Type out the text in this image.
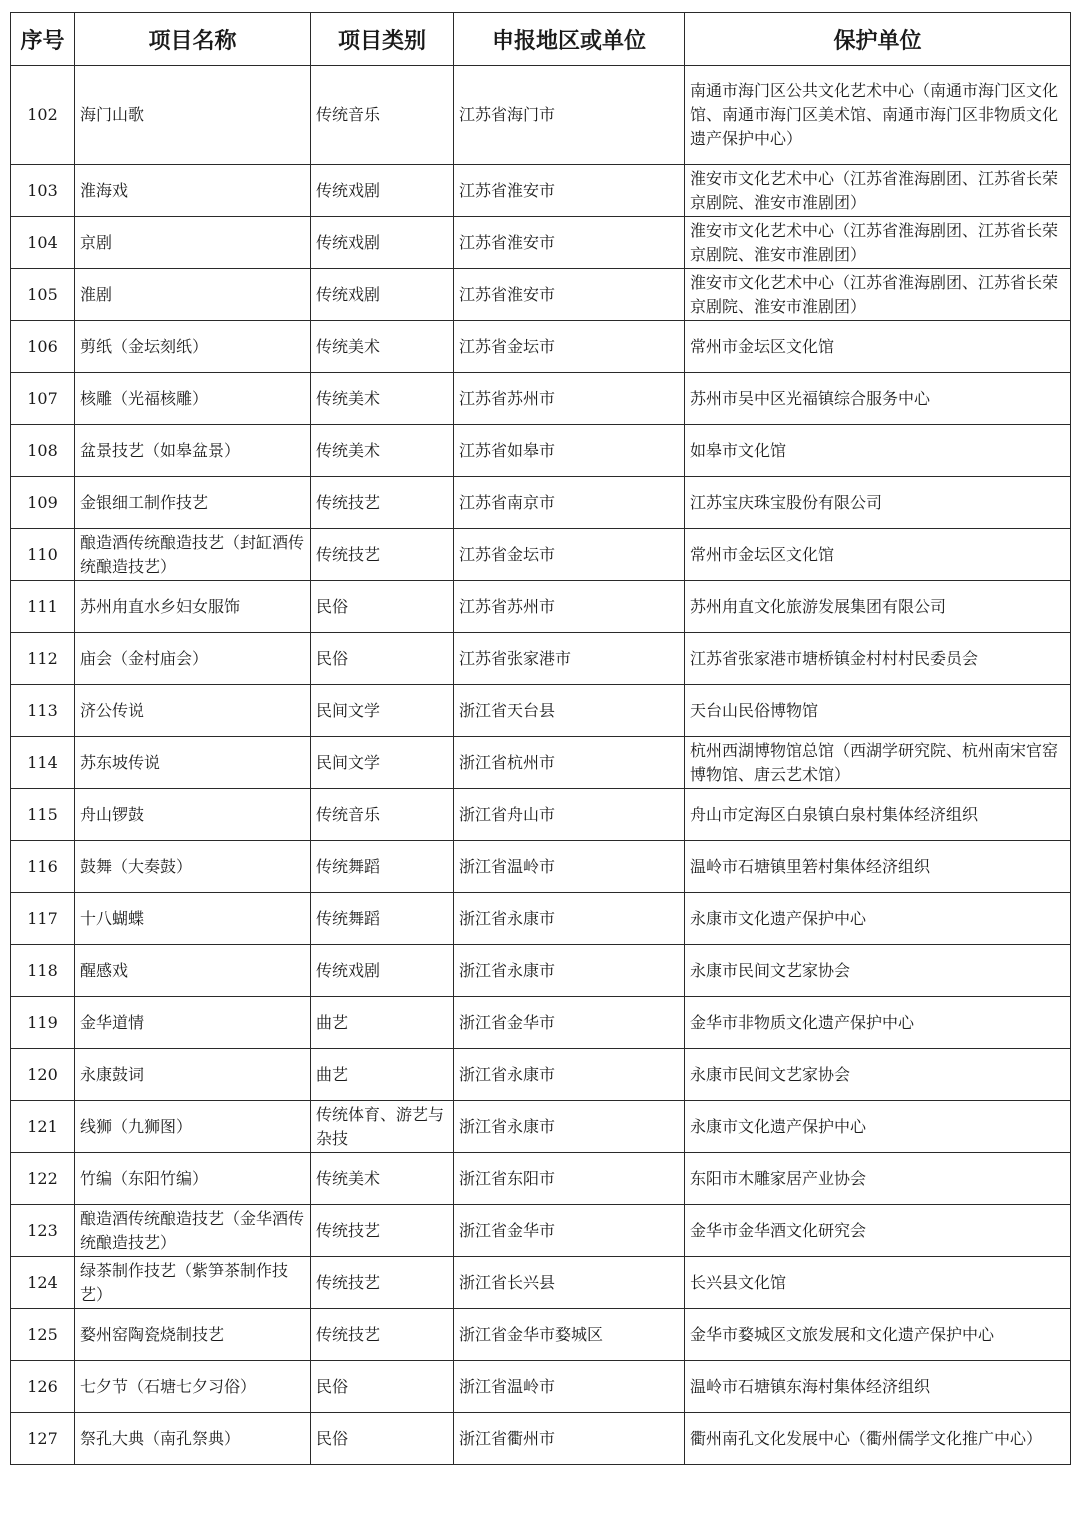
序号	项目名称	项目类别	申报地区或单位	保护单位
102	海门山歌	传统音乐	江苏省海门市	南通市海门区公共文化艺术中心（南通市海门区文化馆、南通市海门区美术馆、南通市海门区非物质文化遗产保护中心）
103	淮海戏	传统戏剧	江苏省淮安市	淮安市文化艺术中心（江苏省淮海剧团、江苏省长荣京剧院、淮安市淮剧团）
104	京剧	传统戏剧	江苏省淮安市	淮安市文化艺术中心（江苏省淮海剧团、江苏省长荣京剧院、淮安市淮剧团）
105	淮剧	传统戏剧	江苏省淮安市	淮安市文化艺术中心（江苏省淮海剧团、江苏省长荣京剧院、淮安市淮剧团）
106	剪纸（金坛刻纸）	传统美术	江苏省金坛市	常州市金坛区文化馆
107	核雕（光福核雕）	传统美术	江苏省苏州市	苏州市吴中区光福镇综合服务中心
108	盆景技艺（如皋盆景）	传统美术	江苏省如皋市	如皋市文化馆
109	金银细工制作技艺	传统技艺	江苏省南京市	江苏宝庆珠宝股份有限公司
110	酿造酒传统酿造技艺（封缸酒传统酿造技艺）	传统技艺	江苏省金坛市	常州市金坛区文化馆
111	苏州甪直水乡妇女服饰	民俗	江苏省苏州市	苏州甪直文化旅游发展集团有限公司
112	庙会（金村庙会）	民俗	江苏省张家港市	江苏省张家港市塘桥镇金村村村民委员会
113	济公传说	民间文学	浙江省天台县	天台山民俗博物馆
114	苏东坡传说	民间文学	浙江省杭州市	杭州西湖博物馆总馆（西湖学研究院、杭州南宋官窑博物馆、唐云艺术馆）
115	舟山锣鼓	传统音乐	浙江省舟山市	舟山市定海区白泉镇白泉村集体经济组织
116	鼓舞（大奏鼓）	传统舞蹈	浙江省温岭市	温岭市石塘镇里箬村集体经济组织
117	十八蝴蝶	传统舞蹈	浙江省永康市	永康市文化遗产保护中心
118	醒感戏	传统戏剧	浙江省永康市	永康市民间文艺家协会
119	金华道情	曲艺	浙江省金华市	金华市非物质文化遗产保护中心
120	永康鼓词	曲艺	浙江省永康市	永康市民间文艺家协会
121	线狮（九狮图）	传统体育、游艺与杂技	浙江省永康市	永康市文化遗产保护中心
122	竹编（东阳竹编）	传统美术	浙江省东阳市	东阳市木雕家居产业协会
123	酿造酒传统酿造技艺（金华酒传统酿造技艺）	传统技艺	浙江省金华市	金华市金华酒文化研究会
124	绿茶制作技艺（紫笋茶制作技艺）	传统技艺	浙江省长兴县	长兴县文化馆
125	婺州窑陶瓷烧制技艺	传统技艺	浙江省金华市婺城区	金华市婺城区文旅发展和文化遗产保护中心
126	七夕节（石塘七夕习俗）	民俗	浙江省温岭市	温岭市石塘镇东海村集体经济组织
127	祭孔大典（南孔祭典）	民俗	浙江省衢州市	衢州南孔文化发展中心（衢州儒学文化推广中心）
